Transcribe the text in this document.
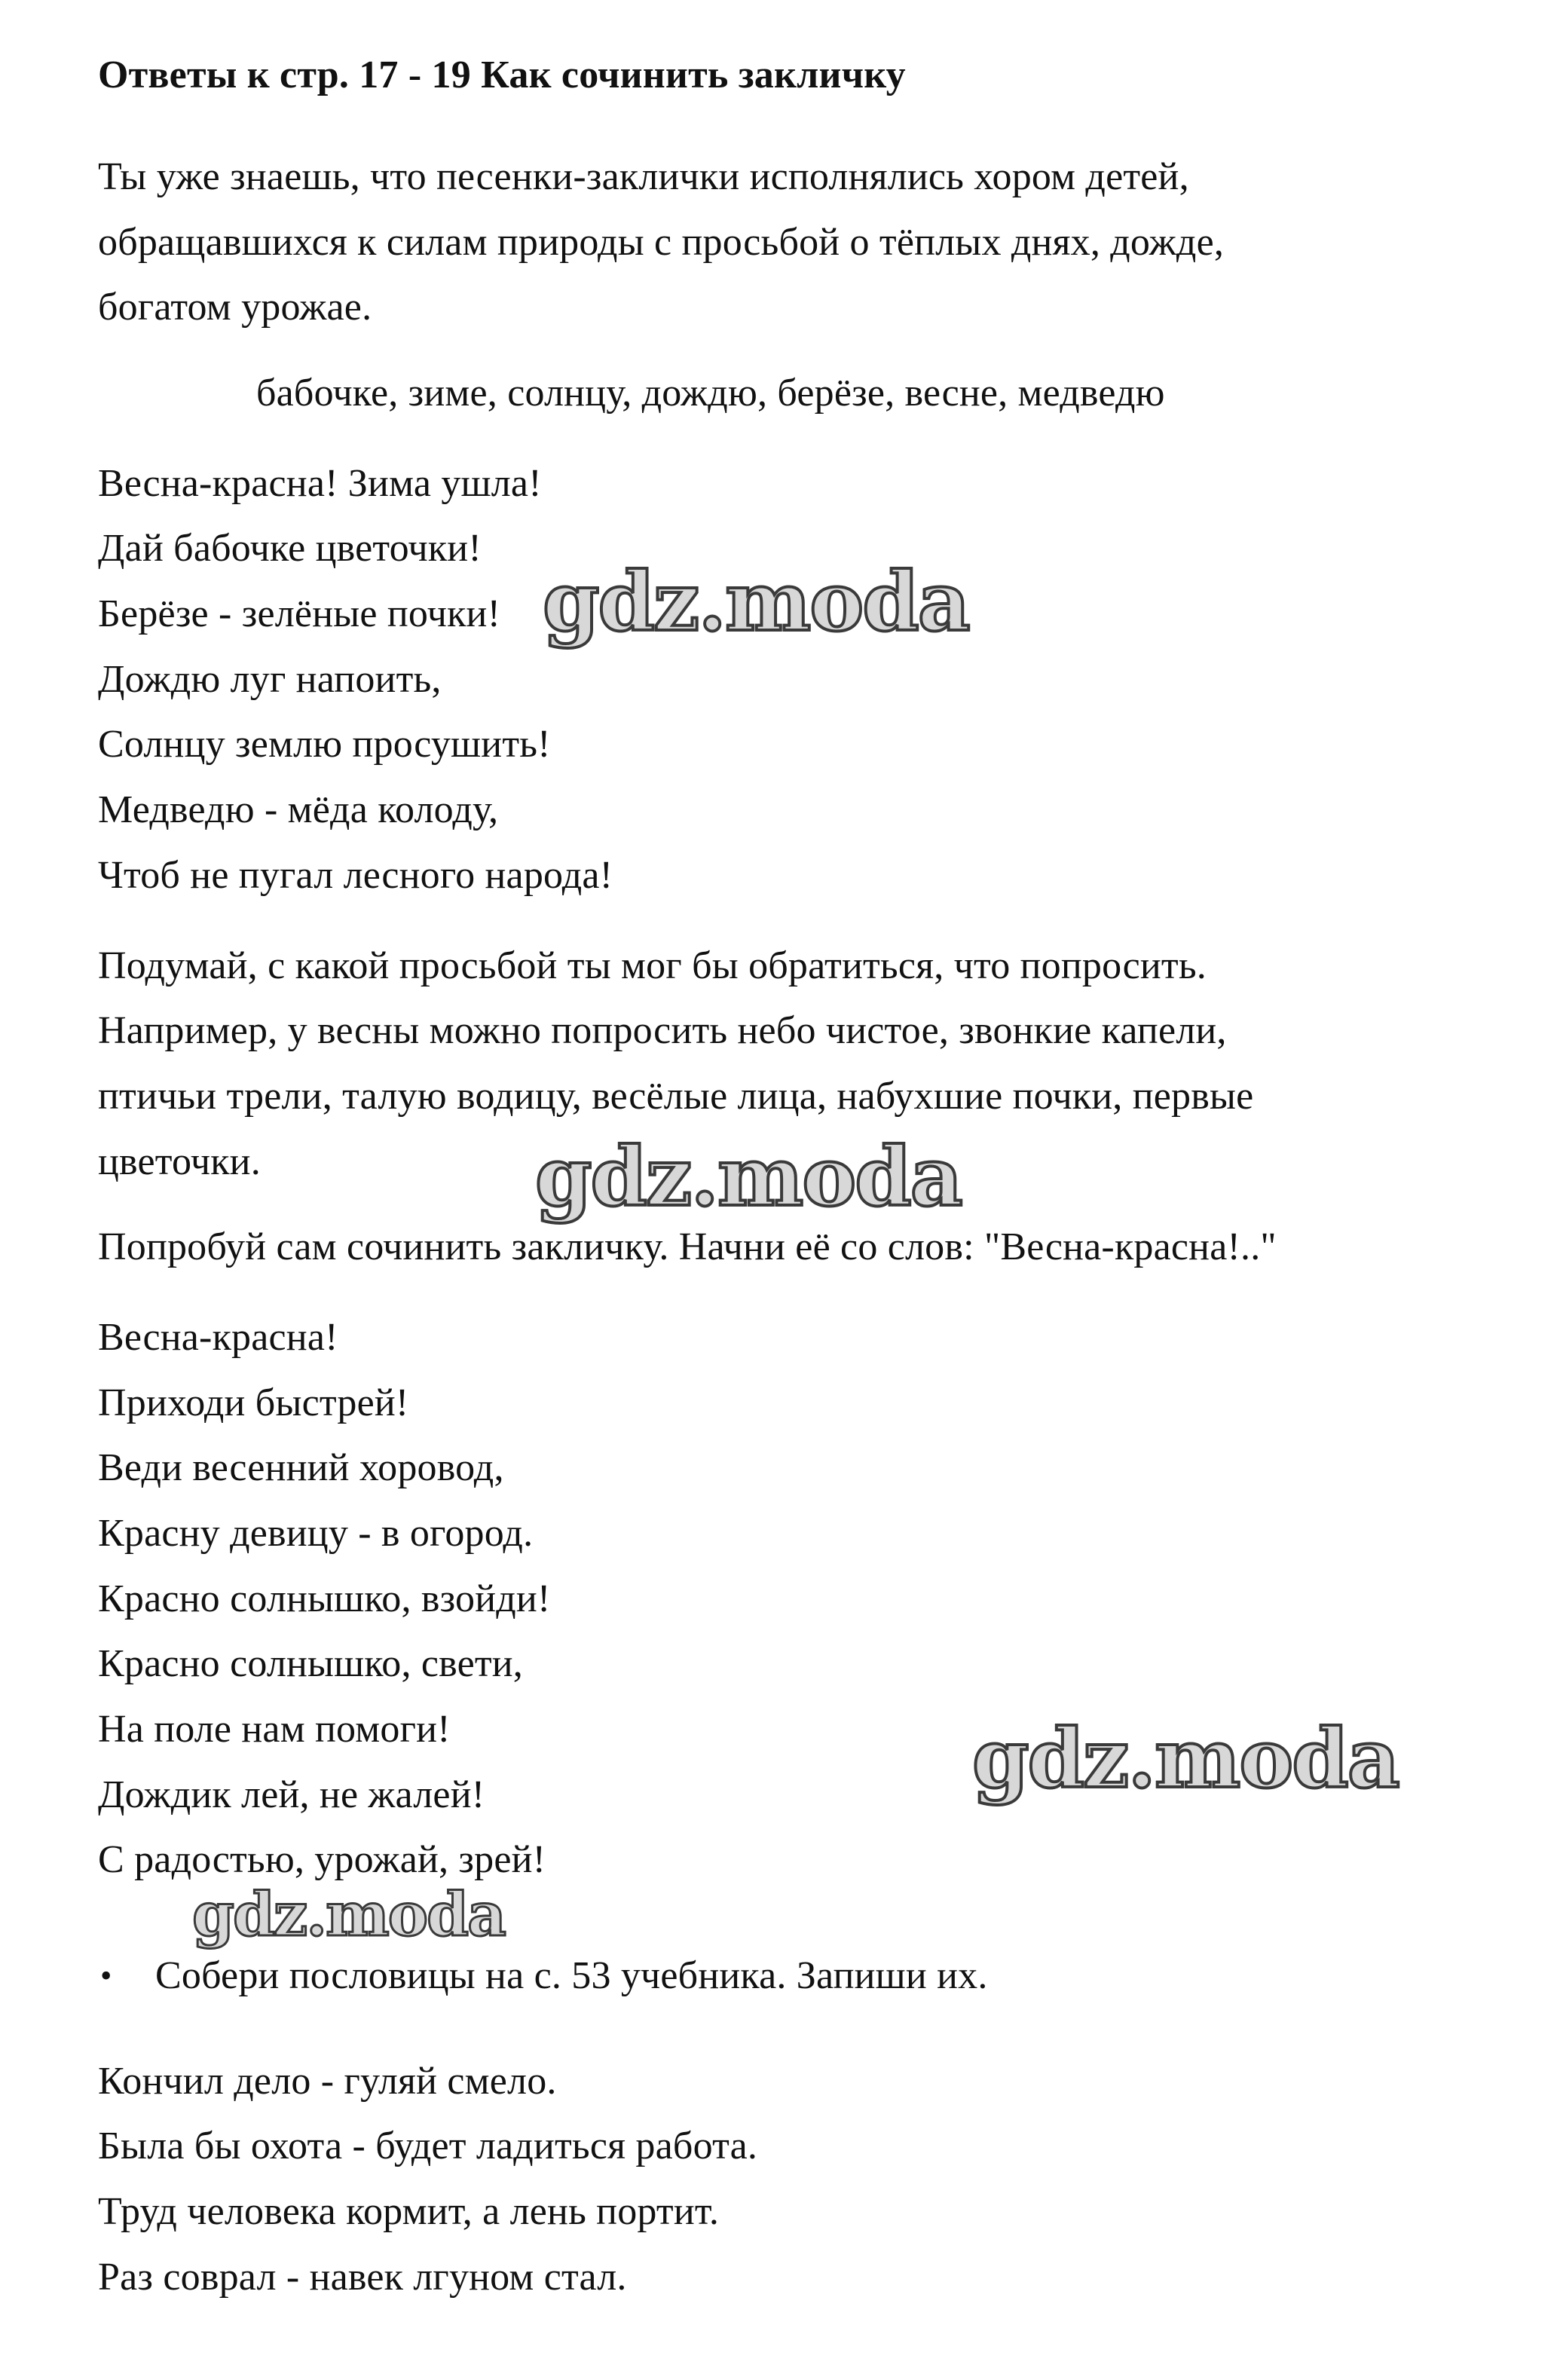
Ответы к стр. 17 - 19 Как сочинить закличку
Ты уже знаешь, что песенки-заклички исполнялись хором детей,
обращавшихся к силам природы с просьбой о тёплых днях, дожде,
богатом урожае.
бабочке, зиме, солнцу, дождю, берёзе, весне, медведю
Весна-красна! Зима ушла!
Дай бабочке цветочки!
Берёзе - зелёные почки!
Дождю луг напоить,
Солнцу землю просушить!
Медведю - мёда колоду,
Чтоб не пугал лесного народа!
Подумай, с какой просьбой ты мог бы обратиться, что попросить.
Например, у весны можно попросить небо чистое, звонкие капели,
птичьи трели, талую водицу, весёлые лица, набухшие почки, первые
цветочки.
Попробуй сам сочинить закличку. Начни её со слов: "Весна-красна!.."
Весна-красна!
Приходи быстрей!
Веди весенний хоровод,
Красну девицу - в огород.
Красно солнышко, взойди!
Красно солнышко, свети,
На поле нам помоги!
Дождик лей, не жалей!
С радостью, урожай, зрей!
• Собери пословицы на с. 53 учебника. Запиши их.
Кончил дело - гуляй смело.
Была бы охота - будет ладиться работа.
Труд человека кормит, а лень портит.
Раз соврал - навек лгуном стал.
gdz.moda
gdz.moda
gdz.moda
gdz.moda
